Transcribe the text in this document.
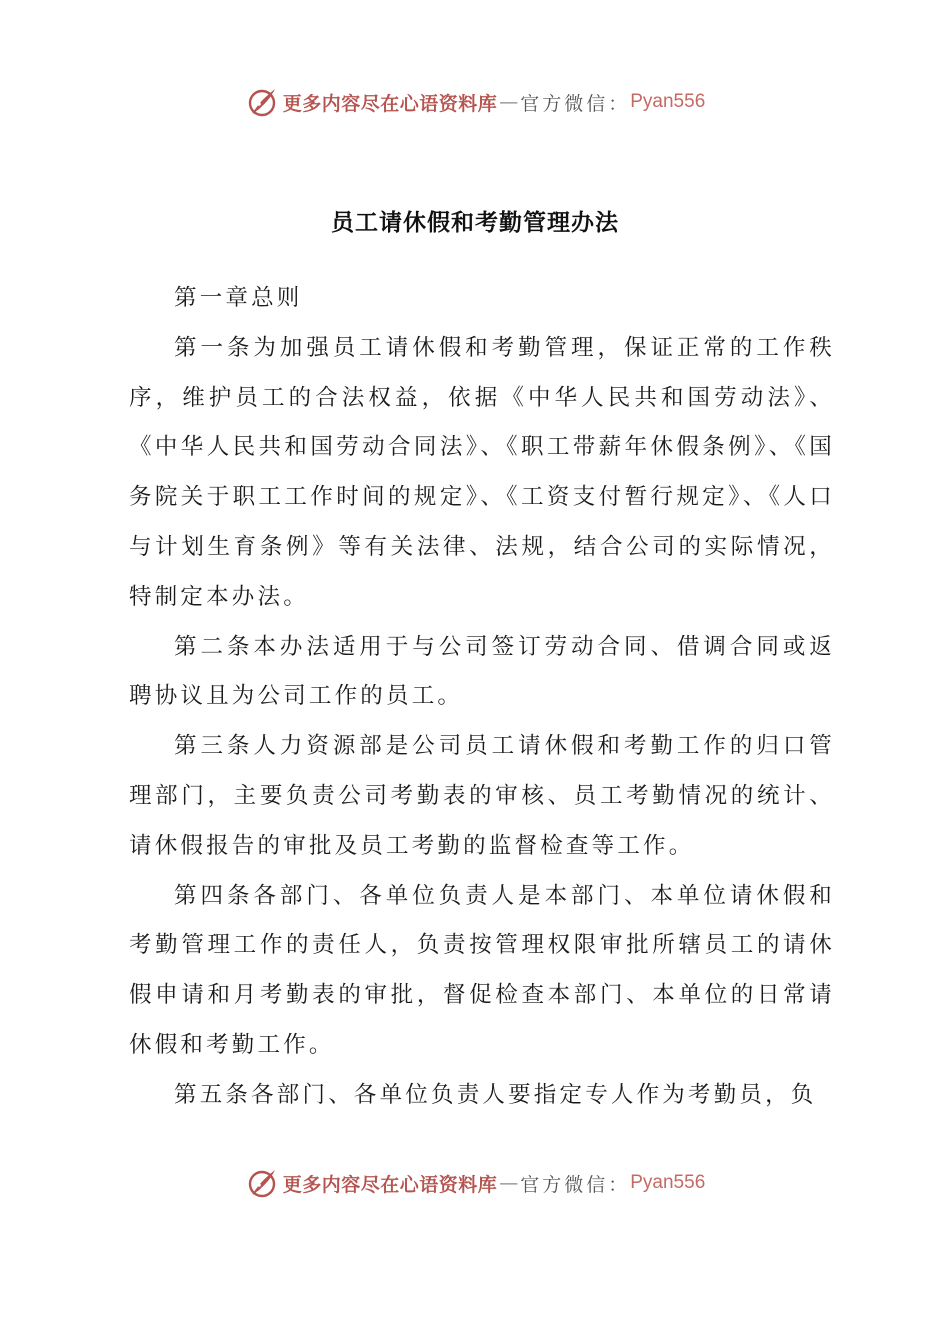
更多内容尽在心语资料库 — 官方微信： Pyan556
员工请休假和考勤管理办法

第一章总则

第一条为加强员工请休假和考勤管理，保证正常的工作秩序，维护员工的合法权益，依据《中华人民共和国劳动法》、《中华人民共和国劳动合同法》、《职工带薪年休假条例》、《国务院关于职工工作时间的规定》、《工资支付暂行规定》、《人口与计划生育条例》等有关法律、法规，结合公司的实际情况，特制定本办法。

第二条本办法适用于与公司签订劳动合同、借调合同或返聘协议且为公司工作的员工。

第三条人力资源部是公司员工请休假和考勤工作的归口管理部门，主要负责公司考勤表的审核、员工考勤情况的统计、请休假报告的审批及员工考勤的监督检查等工作。

第四条各部门、各单位负责人是本部门、本单位请休假和考勤管理工作的责任人，负责按管理权限审批所辖员工的请休假申请和月考勤表的审批，督促检查本部门、本单位的日常请休假和考勤工作。

第五条各部门、各单位负责人要指定专人作为考勤员，负

更多内容尽在心语资料库 — 官方微信： Pyan556
